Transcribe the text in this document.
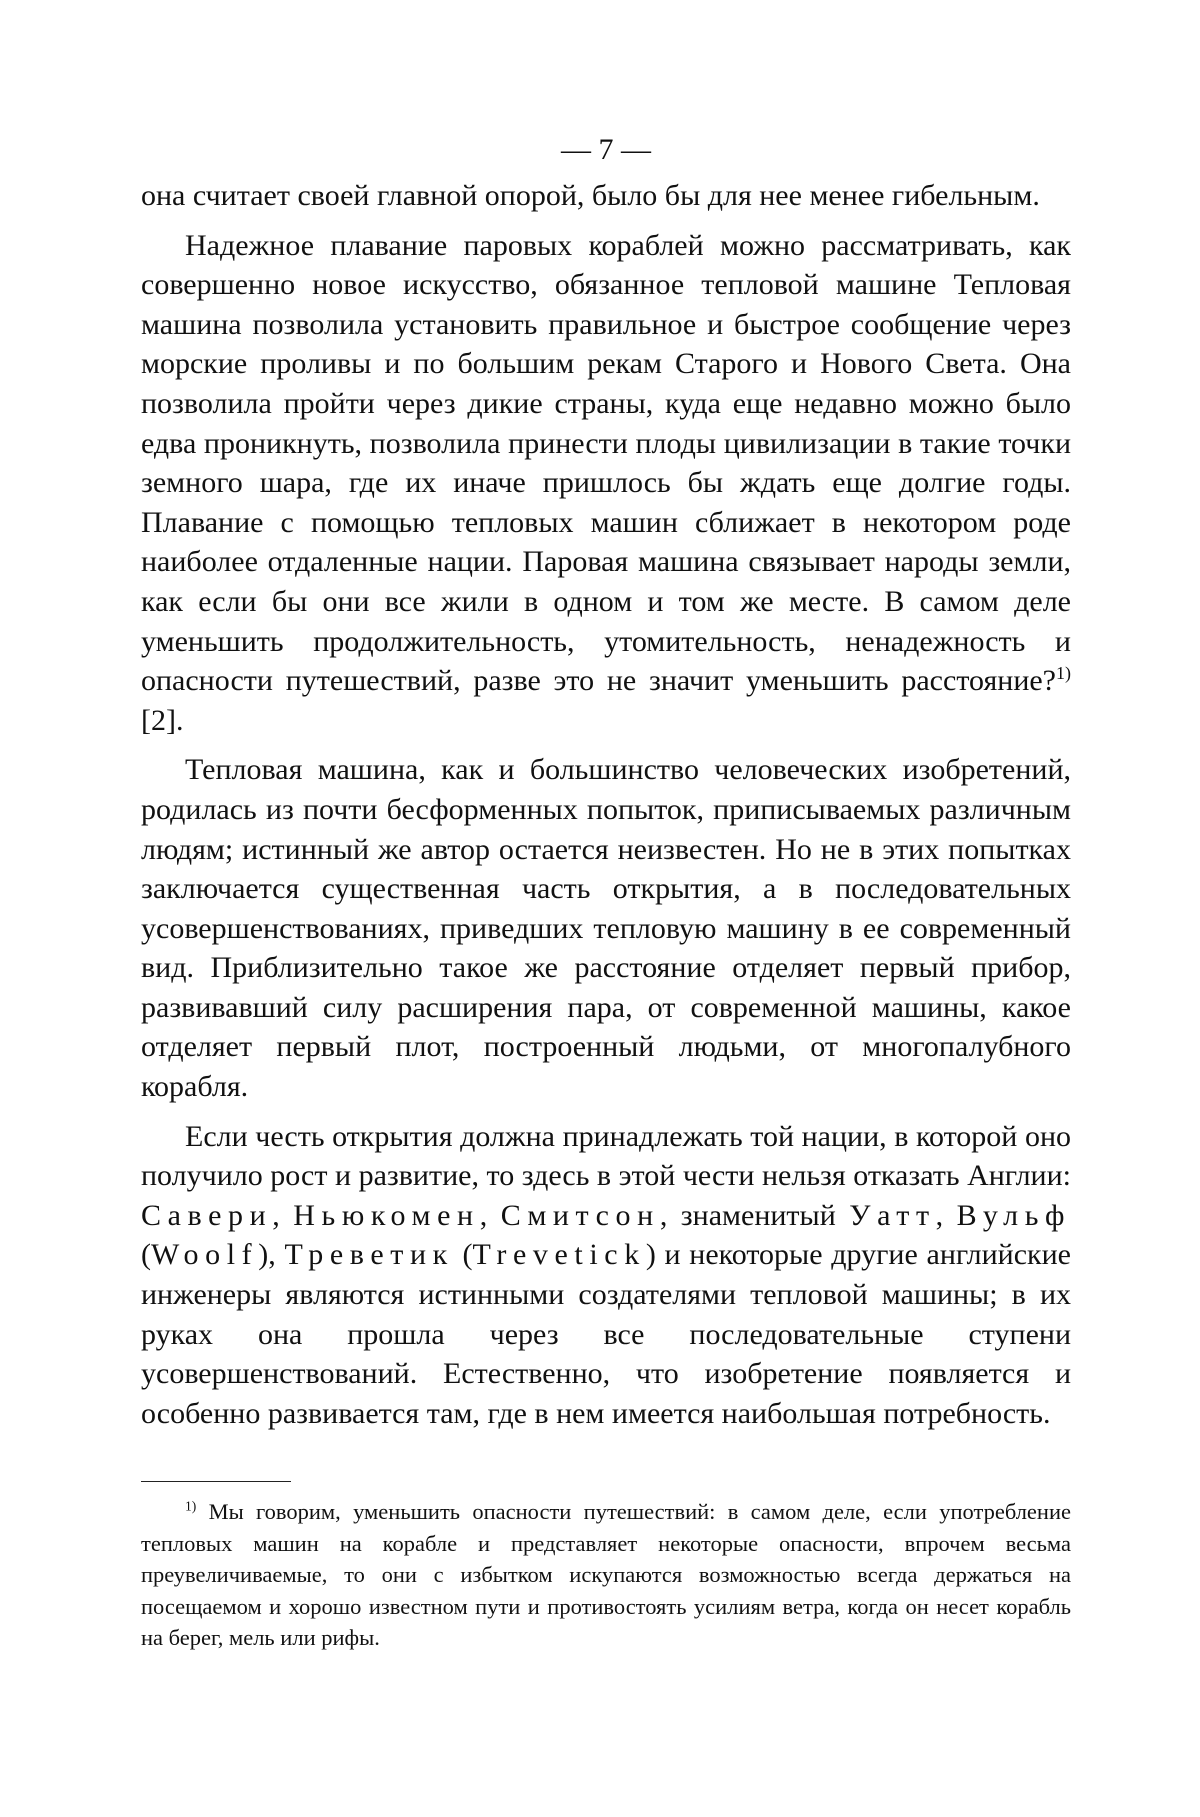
— 7 —

она считает своей главной опорой, было бы для нее менее гибельным.

Надежное плавание паровых кораблей можно рассматривать, как совершенно новое искусство, обязанное тепловой машине Тепловая машина позволила установить правильное и быстрое сообщение через морские проливы и по большим рекам Старого и Нового Света. Она позволила пройти через дикие страны, куда еще недавно можно было едва проникнуть, позволила принести плоды цивилизации в такие точки земного шара, где их иначе пришлось бы ждать еще долгие годы. Плавание с помощью тепловых машин сближает в некотором роде наиболее отдаленные нации. Паровая машина связывает народы земли, как если бы они все жили в одном и том же месте. В самом деле уменьшить продолжительность, утомительность, ненадежность и опасности путешествий, разве это не значит уменьшить расстояние?1) [2].

Тепловая машина, как и большинство человеческих изобретений, родилась из почти бесформенных попыток, приписываемых различным людям; истинный же автор остается неизвестен. Но не в этих попытках заключается существенная часть открытия, а в последовательных усовершенствованиях, приведших тепловую машину в ее современный вид. Приблизительно такое же расстояние отделяет первый прибор, развивавший силу расширения пара, от современной машины, какое отделяет первый плот, построенный людьми, от многопалубного корабля.

Если честь открытия должна принадлежать той нации, в которой оно получило рост и развитие, то здесь в этой чести нельзя отказать Англии: Савери, Ньюкомен, Смитсон, знаменитый Уатт, Вульф (Woolf), Треветик (Trevetick) и некоторые другие английские инженеры являются истинными создателями тепловой машины; в их руках она прошла через все последовательные ступени усовершенствований. Естественно, что изобретение появляется и особенно развивается там, где в нем имеется наибольшая потребность.

1) Мы говорим, уменьшить опасности путешествий: в самом деле, если употребление тепловых машин на корабле и представляет некоторые опасности, впрочем весьма преувеличиваемые, то они с избытком искупаются возможностью всегда держаться на посещаемом и хорошо известном пути и противостоять усилиям ветра, когда он несет корабль на берег, мель или рифы.
